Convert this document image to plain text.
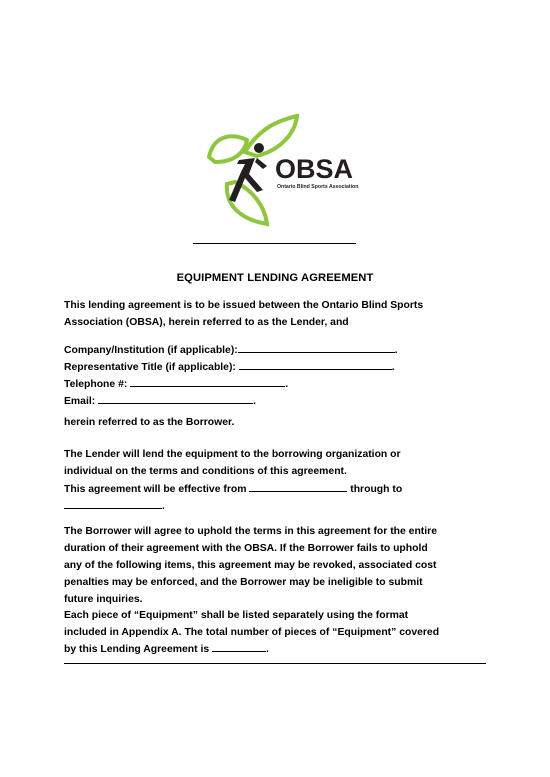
OBSA
Ontario Blind Sports Association
EQUIPMENT LENDING AGREEMENT
This lending agreement is to be issued between the Ontario Blind Sports
Association (OBSA), herein referred to as the Lender, and
Company/Institution (if applicable):	.
Representative Title (if applicable):	.
Telephone #:	.
Email:	.
herein referred to as the Borrower.
The Lender will lend the equipment to the borrowing organization or
individual on the terms and conditions of this agreement.
This agreement will be effective from	through to
.
The Borrower will agree to uphold the terms in this agreement for the entire
duration of their agreement with the OBSA. If the Borrower fails to uphold
any of the following items, this agreement may be revoked, associated cost
penalties may be enforced, and the Borrower may be ineligible to submit
future inquiries.
Each piece of “Equipment” shall be listed separately using the format
included in Appendix A. The total number of pieces of “Equipment” covered
by this Lending Agreement is	.
